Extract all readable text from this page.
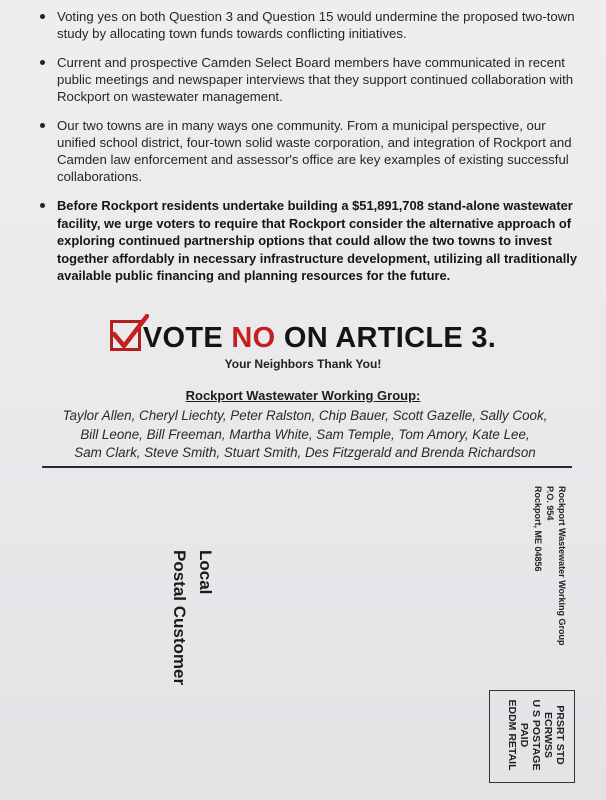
Voting yes on both Question 3 and Question 15 would undermine the proposed two-town study by allocating town funds towards conflicting initiatives.
Current and prospective Camden Select Board members have communicated in recent public meetings and newspaper interviews that they support continued collaboration with Rockport on wastewater management.
Our two towns are in many ways one community. From a municipal perspective, our unified school district, four-town solid waste corporation, and integration of Rockport and Camden law enforcement and assessor's office are key examples of existing successful collaborations.
Before Rockport residents undertake building a $51,891,708 stand-alone wastewater facility, we urge voters to require that Rockport consider the alternative approach of exploring continued partnership options that could allow the two towns to invest together affordably in necessary infrastructure development, utilizing all traditionally available public financing and planning resources for the future.
VOTE NO ON ARTICLE 3.
Your Neighbors Thank You!
Rockport Wastewater Working Group:
Taylor Allen, Cheryl Liechty, Peter Ralston, Chip Bauer, Scott Gazelle, Sally Cook,
Bill Leone, Bill Freeman, Martha White, Sam Temple, Tom Amory, Kate Lee,
Sam Clark, Steve Smith, Stuart Smith, Des Fitzgerald and Brenda Richardson
Rockport Wastewater Working Group
P.O. 954
Rockport, ME 04856
Local
Postal Customer
PRSRT STD
ECRWSS
U S POSTAGE
PAID
EDDM RETAIL
